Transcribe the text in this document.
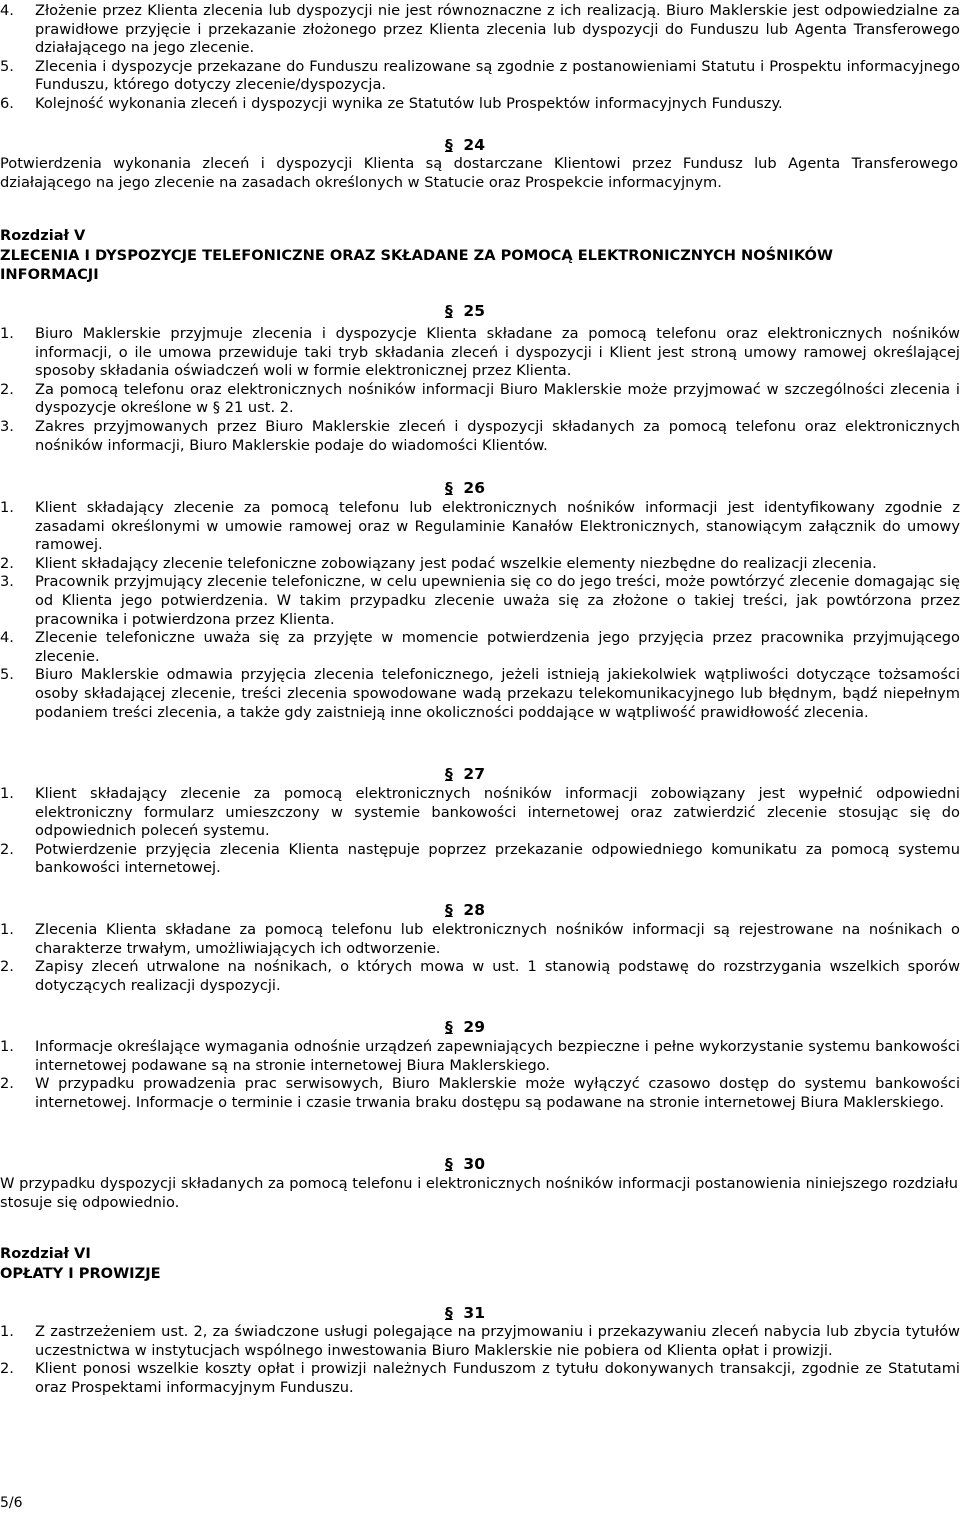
4. Złożenie przez Klienta zlecenia lub dyspozycji nie jest równoznaczne z ich realizacją. Biuro Maklerskie jest odpowiedzialne za prawidłowe przyjęcie i przekazanie złożonego przez Klienta zlecenia lub dyspozycji do Funduszu lub Agenta Transferowego działającego na jego zlecenie.
5. Zlecenia i dyspozycje przekazane do Funduszu realizowane są zgodnie z postanowieniami Statutu i Prospektu informacyjnego Funduszu, którego dotyczy zlecenie/dyspozycja.
6. Kolejność wykonania zleceń i dyspozycji wynika ze Statutów lub Prospektów informacyjnych Funduszy.
§ 24
Potwierdzenia wykonania zleceń i dyspozycji Klienta są dostarczane Klientowi przez Fundusz lub Agenta Transferowego działającego na jego zlecenie na zasadach określonych w Statucie oraz Prospekcie informacyjnym.
Rozdział V
ZLECENIA I DYSPOZYCJE TELEFONICZNE ORAZ SKŁADANE ZA POMOCĄ ELEKTRONICZNYCH NOŚNIKÓW INFORMACJI
§ 25
1. Biuro Maklerskie przyjmuje zlecenia i dyspozycje Klienta składane za pomocą telefonu oraz elektronicznych nośników informacji, o ile umowa przewiduje taki tryb składania zleceń i dyspozycji i Klient jest stroną umowy ramowej określającej sposoby składania oświadczeń woli w formie elektronicznej przez Klienta.
2. Za pomocą telefonu oraz elektronicznych nośników informacji Biuro Maklerskie może przyjmować w szczególności zlecenia i dyspozycje określone w § 21 ust. 2.
3. Zakres przyjmowanych przez Biuro Maklerskie zleceń i dyspozycji składanych za pomocą telefonu oraz elektronicznych nośników informacji, Biuro Maklerskie podaje do wiadomości Klientów.
§ 26
1. Klient składający zlecenie za pomocą telefonu lub elektronicznych nośników informacji jest identyfikowany zgodnie z zasadami określonymi w umowie ramowej oraz w Regulaminie Kanałów Elektronicznych, stanowiącym załącznik do umowy ramowej.
2. Klient składający zlecenie telefoniczne zobowiązany jest podać wszelkie elementy niezbędne do realizacji zlecenia.
3. Pracownik przyjmujący zlecenie telefoniczne, w celu upewnienia się co do jego treści, może powtórzyć zlecenie domagając się od Klienta jego potwierdzenia. W takim przypadku zlecenie uważa się za złożone o takiej treści, jak powtórzona przez pracownika i potwierdzona przez Klienta.
4. Zlecenie telefoniczne uważa się za przyjęte w momencie potwierdzenia jego przyjęcia przez pracownika przyjmującego zlecenie.
5. Biuro Maklerskie odmawia przyjęcia zlecenia telefonicznego, jeżeli istnieją jakiekolwiek wątpliwości dotyczące tożsamości osoby składającej zlecenie, treści zlecenia spowodowane wadą przekazu telekomunikacyjnego lub błędnym, bądź niepełnym podaniem treści zlecenia, a także gdy zaistnieją inne okoliczności poddające w wątpliwość prawidłowość zlecenia.
§ 27
1. Klient składający zlecenie za pomocą elektronicznych nośników informacji zobowiązany jest wypełnić odpowiedni elektroniczny formularz umieszczony w systemie bankowości internetowej oraz zatwierdzić zlecenie stosując się do odpowiednich poleceń systemu.
2. Potwierdzenie przyjęcia zlecenia Klienta następuje poprzez przekazanie odpowiedniego komunikatu za pomocą systemu bankowości internetowej.
§ 28
1. Zlecenia Klienta składane za pomocą telefonu lub elektronicznych nośników informacji są rejestrowane na nośnikach o charakterze trwałym, umożliwiających ich odtworzenie.
2. Zapisy zleceń utrwalone na nośnikach, o których mowa w ust. 1 stanowią podstawę do rozstrzygania wszelkich sporów dotyczących realizacji dyspozycji.
§ 29
1. Informacje określające wymagania odnośnie urządzeń zapewniających bezpieczne i pełne wykorzystanie systemu bankowości internetowej podawane są na stronie internetowej Biura Maklerskiego.
2. W przypadku prowadzenia prac serwisowych, Biuro Maklerskie może wyłączyć czasowo dostęp do systemu bankowości internetowej. Informacje o terminie i czasie trwania braku dostępu są podawane na stronie internetowej Biura Maklerskiego.
§ 30
W przypadku dyspozycji składanych za pomocą telefonu i elektronicznych nośników informacji postanowienia niniejszego rozdziału stosuje się odpowiednio.
Rozdział VI
OPŁATY I PROWIZJE
§ 31
1. Z zastrzeżeniem ust. 2, za świadczone usługi polegające na przyjmowaniu i przekazywaniu zleceń nabycia lub zbycia tytułów uczestnictwa w instytucjach wspólnego inwestowania Biuro Maklerskie nie pobiera od Klienta opłat i prowizji.
2. Klient ponosi wszelkie koszty opłat i prowizji należnych Funduszom z tytułu dokonywanych transakcji, zgodnie ze Statutami oraz Prospektami informacyjnym Funduszu.
5/6
